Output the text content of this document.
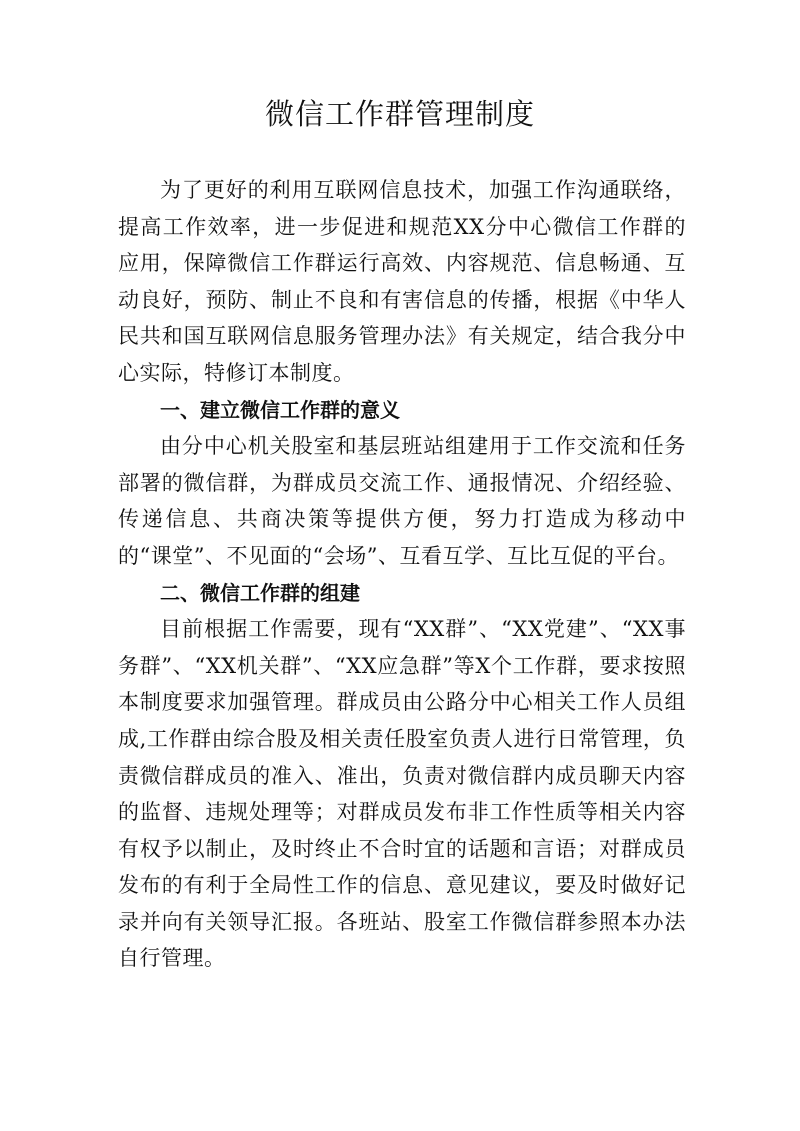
微信工作群管理制度

为了更好的利用互联网信息技术，加强工作沟通联络，提高工作效率，进一步促进和规范XX分中心微信工作群的应用，保障微信工作群运行高效、内容规范、信息畅通、互动良好，预防、制止不良和有害信息的传播，根据《中华人民共和国互联网信息服务管理办法》有关规定，结合我分中心实际，特修订本制度。

一、建立微信工作群的意义

由分中心机关股室和基层班站组建用于工作交流和任务部署的微信群，为群成员交流工作、通报情况、介绍经验、传递信息、共商决策等提供方便，努力打造成为移动中的“课堂”、不见面的“会场”、互看互学、互比互促的平台。

二、微信工作群的组建

目前根据工作需要，现有“XX群”、“XX党建”、“XX事务群”、“XX机关群”、“XX应急群”等X个工作群，要求按照本制度要求加强管理。群成员由公路分中心相关工作人员组成,工作群由综合股及相关责任股室负责人进行日常管理，负责微信群成员的准入、准出，负责对微信群内成员聊天内容的监督、违规处理等；对群成员发布非工作性质等相关内容有权予以制止，及时终止不合时宜的话题和言语；对群成员发布的有利于全局性工作的信息、意见建议，要及时做好记录并向有关领导汇报。各班站、股室工作微信群参照本办法自行管理。
